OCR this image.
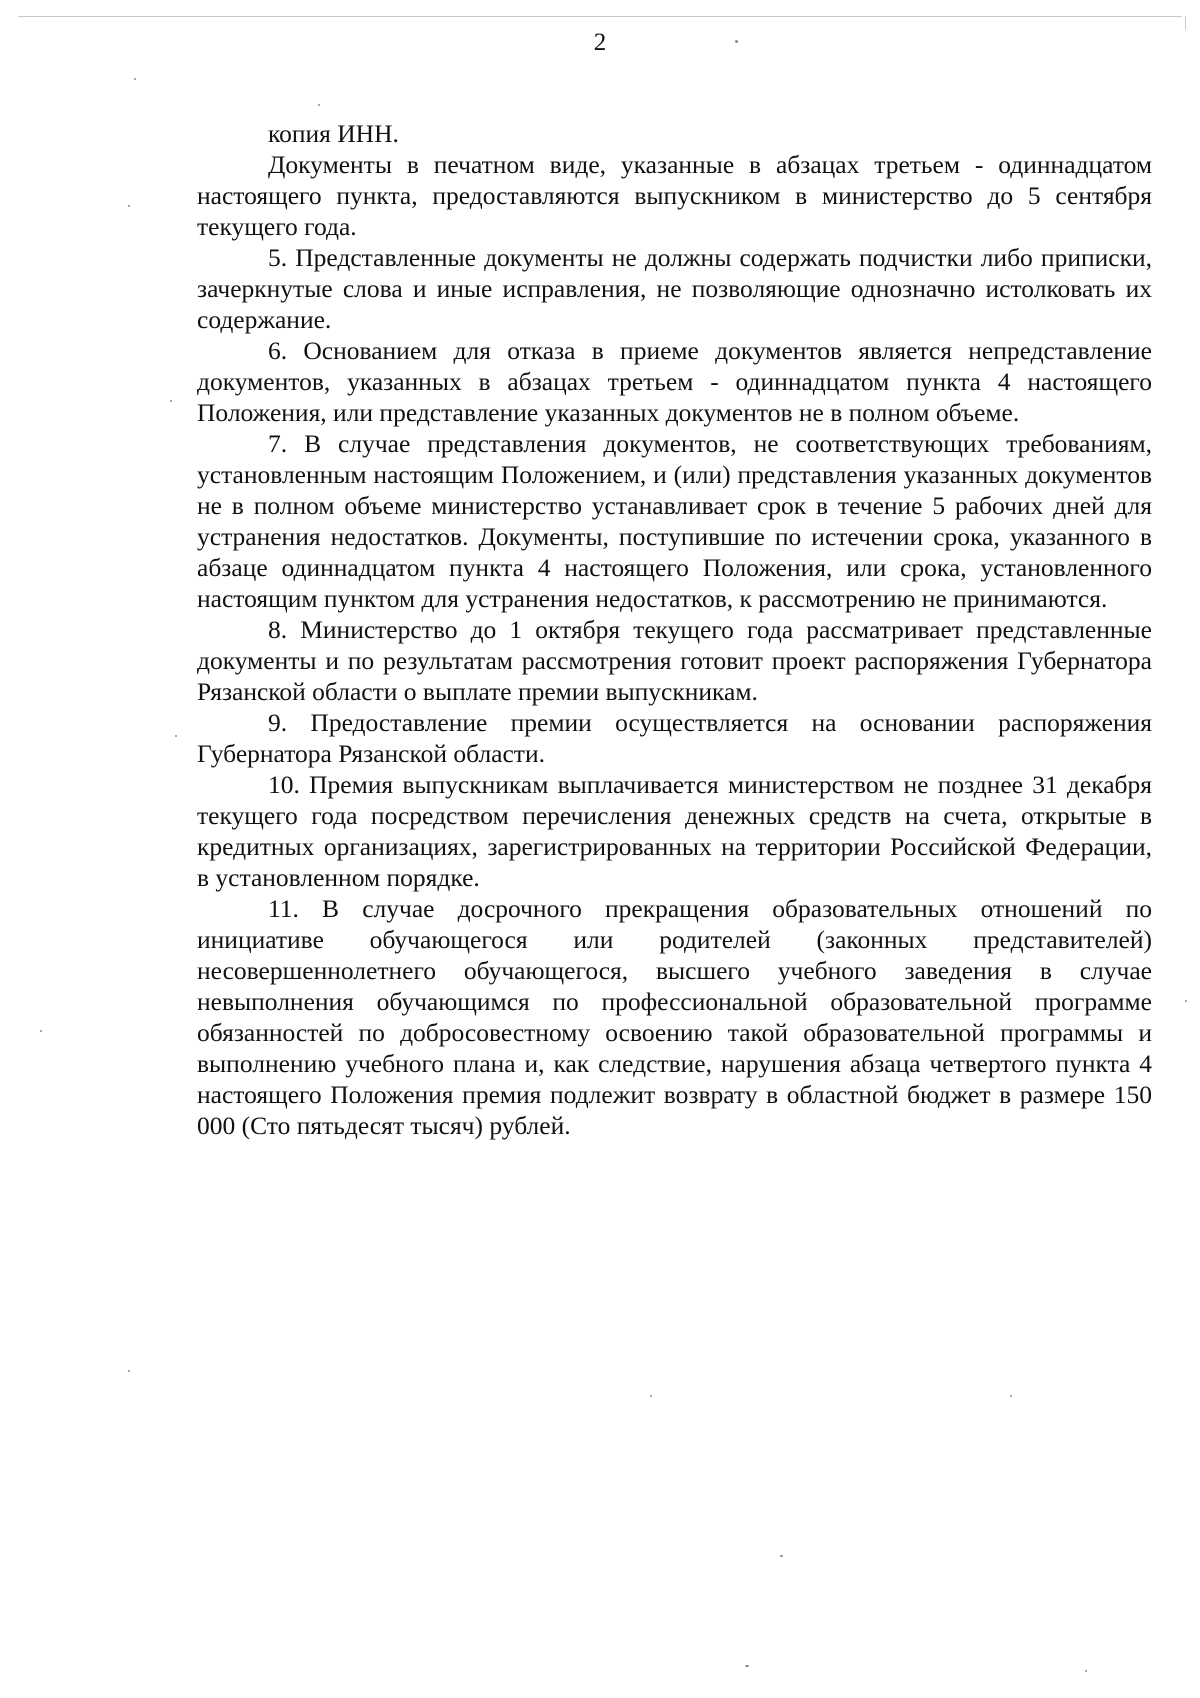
2

копия ИНН.

Документы в печатном виде, указанные в абзацах третьем - одиннадцатом настоящего пункта, предоставляются выпускником в министерство до 5 сентября текущего года.

5. Представленные документы не должны содержать подчистки либо приписки, зачеркнутые слова и иные исправления, не позволяющие однозначно истолковать их содержание.

6. Основанием для отказа в приеме документов является непредставление документов, указанных в абзацах третьем - одиннадцатом пункта 4 настоящего Положения, или представление указанных документов не в полном объеме.

7. В случае представления документов, не соответствующих требованиям, установленным настоящим Положением, и (или) представления указанных документов не в полном объеме министерство устанавливает срок в течение 5 рабочих дней для устранения недостатков. Документы, поступившие по истечении срока, указанного в абзаце одиннадцатом пункта 4 настоящего Положения, или срока, установленного настоящим пунктом для устранения недостатков, к рассмотрению не принимаются.

8. Министерство до 1 октября текущего года рассматривает представленные документы и по результатам рассмотрения готовит проект распоряжения Губернатора Рязанской области о выплате премии выпускникам.

9. Предоставление премии осуществляется на основании распоряжения Губернатора Рязанской области.

10. Премия выпускникам выплачивается министерством не позднее 31 декабря текущего года посредством перечисления денежных средств на счета, открытые в кредитных организациях, зарегистрированных на территории Российской Федерации, в установленном порядке.

11. В случае досрочного прекращения образовательных отношений по инициативе обучающегося или родителей (законных представителей) несовершеннолетнего обучающегося, высшего учебного заведения в случае невыполнения обучающимся по профессиональной образовательной программе обязанностей по добросовестному освоению такой образовательной программы и выполнению учебного плана и, как следствие, нарушения абзаца четвертого пункта 4 настоящего Положения премия подлежит возврату в областной бюджет в размере 150 000 (Сто пятьдесят тысяч) рублей.
